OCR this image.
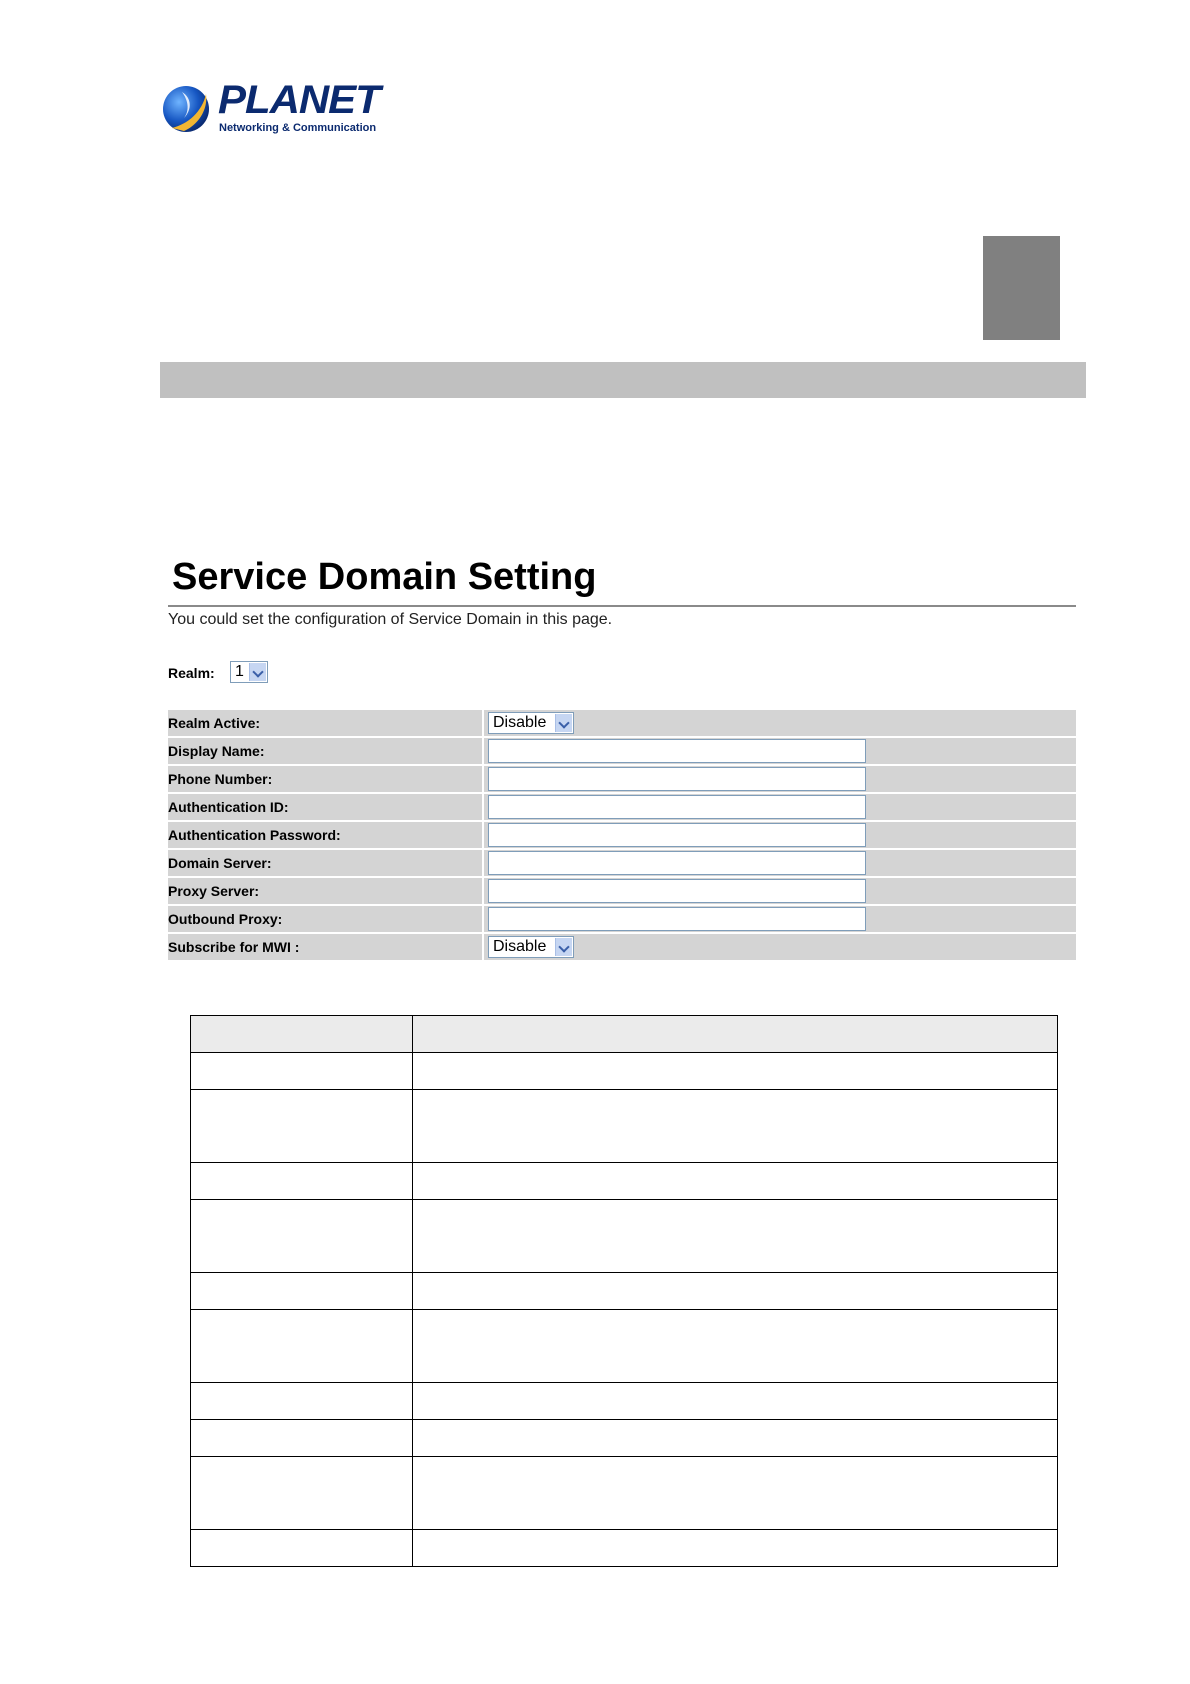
PLANET
Networking & Communication
Service Domain Setting
You could set the configuration of Service Domain in this page.
Realm:	1
Realm Active:	Disable
Display Name:
Phone Number:
Authentication ID:
Authentication Password:
Domain Server:
Proxy Server:
Outbound Proxy:
Subscribe for MWI :	Disable
